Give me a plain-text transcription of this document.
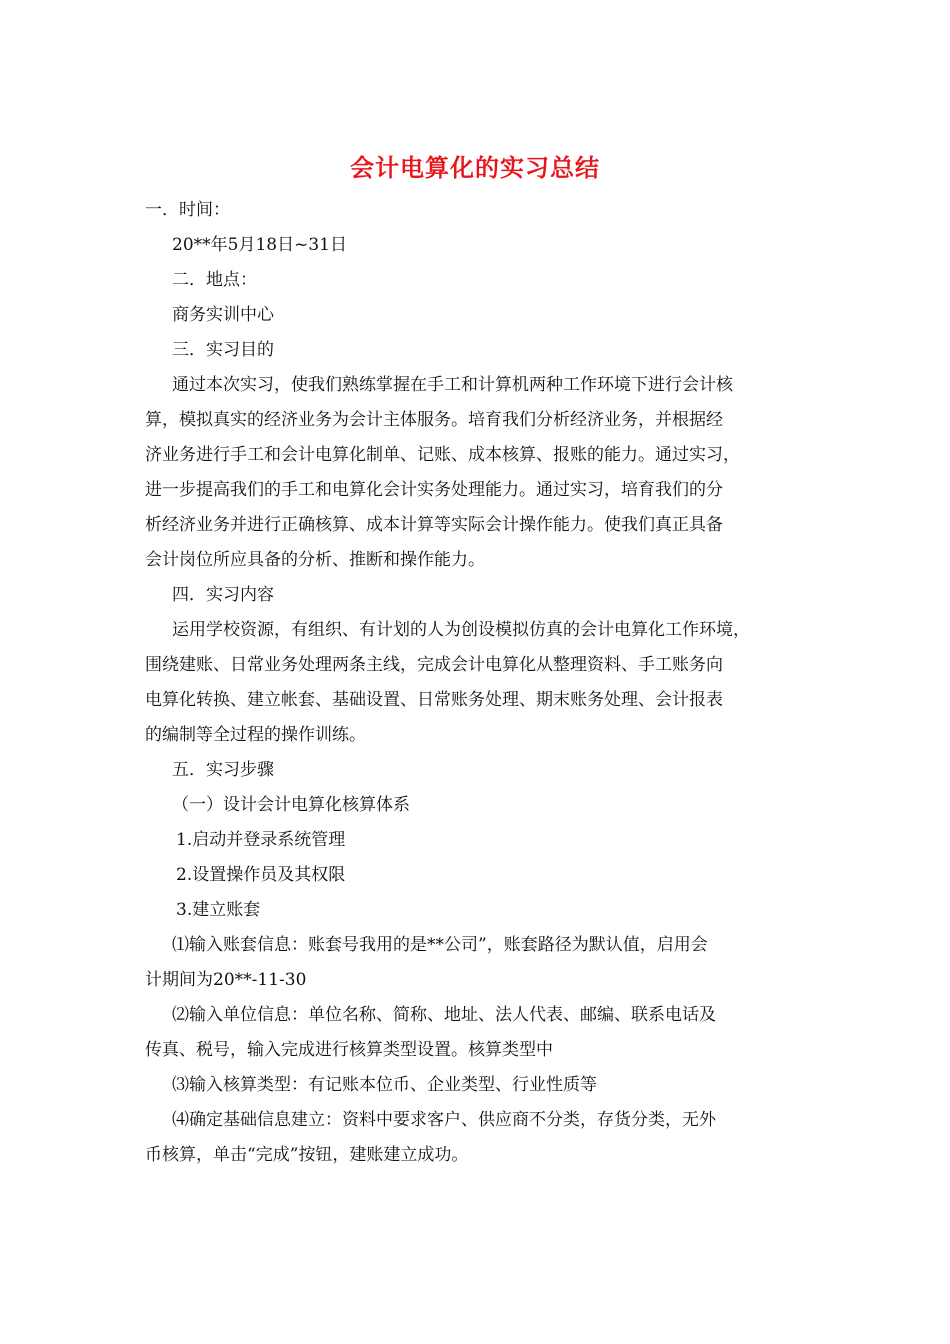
会计电算化的实习总结
一．时间：
20**年5月18日~31日
二．地点：
商务实训中心
三．实习目的
通过本次实习，使我们熟练掌握在手工和计算机两种工作环境下进行会计核
算，模拟真实的经济业务为会计主体服务。培育我们分析经济业务，并根据经
济业务进行手工和会计电算化制单、记账、成本核算、报账的能力。通过实习，
进一步提高我们的手工和电算化会计实务处理能力。通过实习，培育我们的分
析经济业务并进行正确核算、成本计算等实际会计操作能力。使我们真正具备
会计岗位所应具备的分析、推断和操作能力。
四．实习内容
运用学校资源，有组织、有计划的人为创设模拟仿真的会计电算化工作环境，
围绕建账、日常业务处理两条主线，完成会计电算化从整理资料、手工账务向
电算化转换、建立帐套、基础设置、日常账务处理、期末账务处理、会计报表
的编制等全过程的操作训练。
五．实习步骤
（一）设计会计电算化核算体系
1.启动并登录系统管理
2.设置操作员及其权限
3.建立账套
⑴输入账套信息：账套号我用的是**公司”，账套路径为默认值，启用会
计期间为20**-11-30
⑵输入单位信息：单位名称、简称、地址、法人代表、邮编、联系电话及
传真、税号，输入完成进行核算类型设置。核算类型中
⑶输入核算类型：有记账本位币、企业类型、行业性质等
⑷确定基础信息建立：资料中要求客户、供应商不分类，存货分类，无外
币核算，单击“完成”按钮，建账建立成功。
